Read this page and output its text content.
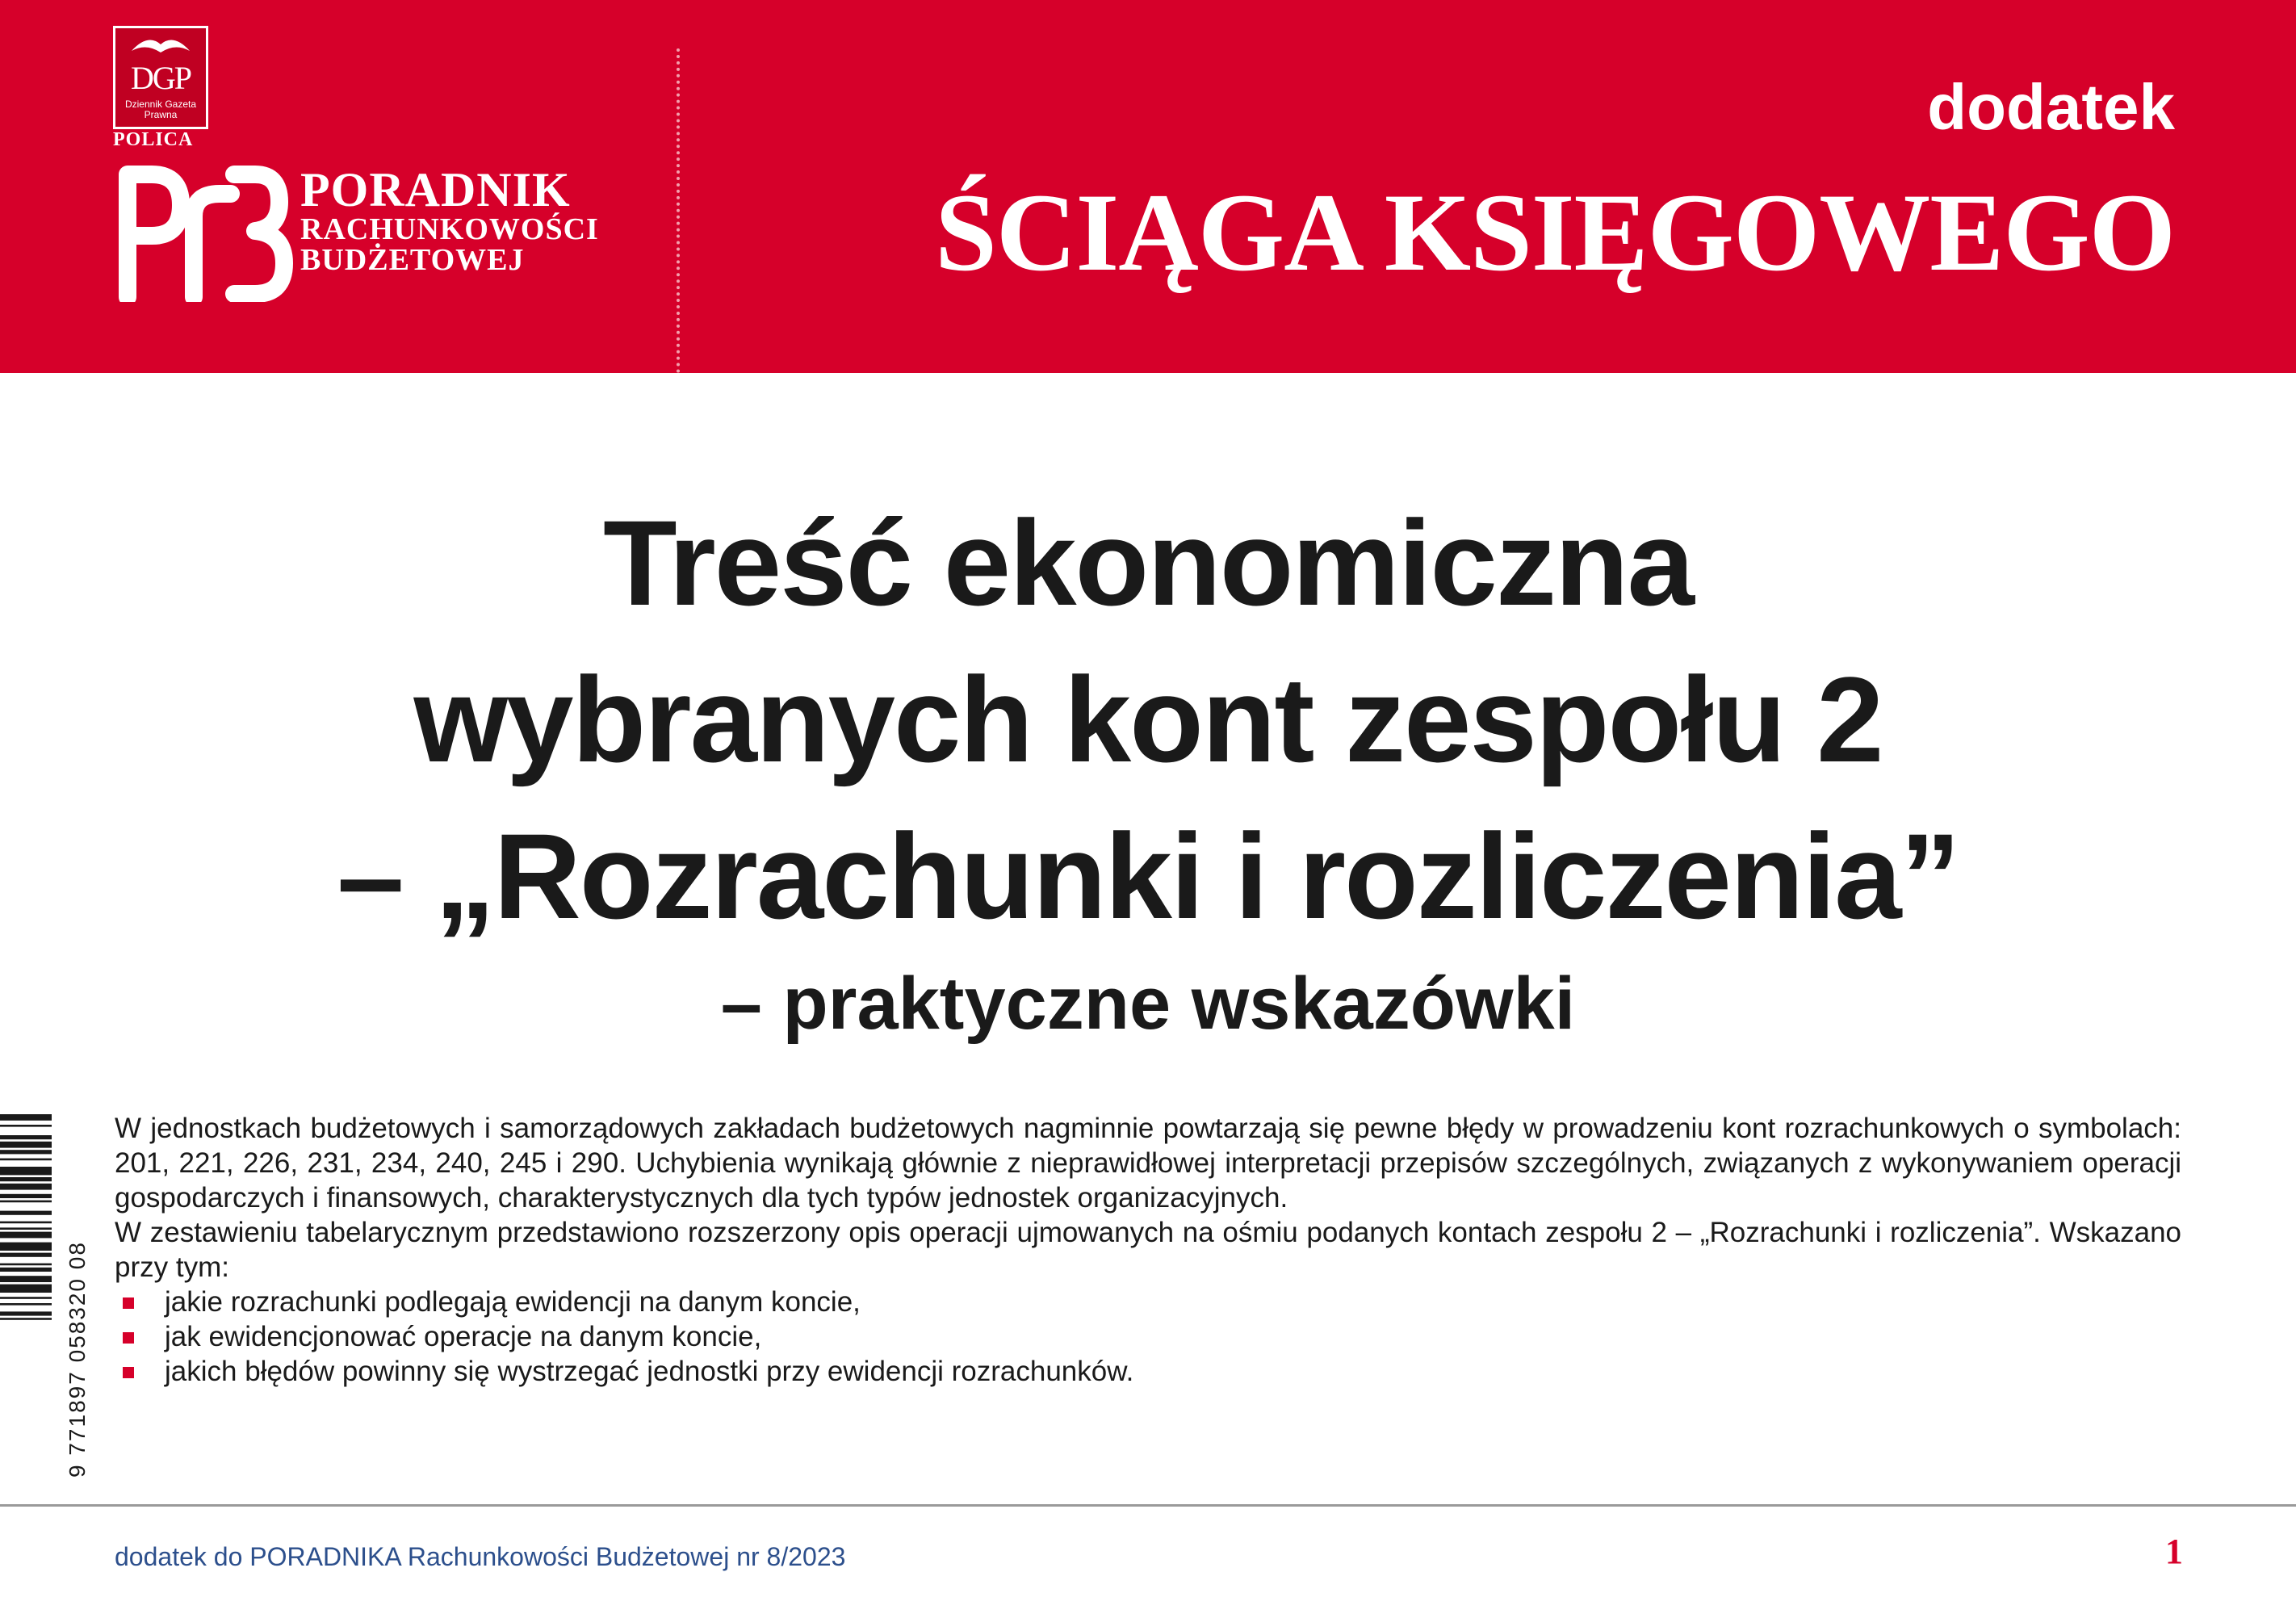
DGP
Dziennik Gazeta Prawna
POLICA
PORADNIK
RACHUNKOWOŚCI
BUDŻETOWEJ
dodatek
ŚCIĄGA KSIĘGOWEGO
Treść ekonomiczna
wybranych kont zespołu 2
– „Rozrachunki i rozliczenia”
– praktyczne wskazówki
9 771897 058320 08

W jednostkach budżetowych i samorządowych zakładach budżetowych nagminnie powtarzają się pewne błędy w prowadzeniu kont rozrachunkowych o symbolach: 201, 221, 226, 231, 234, 240, 245 i 290. Uchybienia wynikają głównie z nieprawidłowej interpretacji przepisów szczególnych, związanych z wykonywaniem operacji gospodarczych i finansowych, charakterystycznych dla tych typów jednostek organizacyjnych.

W zestawieniu tabelarycznym przedstawiono rozszerzony opis operacji ujmowanych na ośmiu podanych kontach zespołu 2 – „Rozrachunki i rozliczenia”. Wskazano przy tym:

jakie rozrachunki podlegają ewidencji na danym koncie,
jak ewidencjonować operacje na danym koncie,
jakich błędów powinny się wystrzegać jednostki przy ewidencji rozrachunków.
dodatek do PORADNIKA Rachunkowości Budżetowej nr 8/2023	1
